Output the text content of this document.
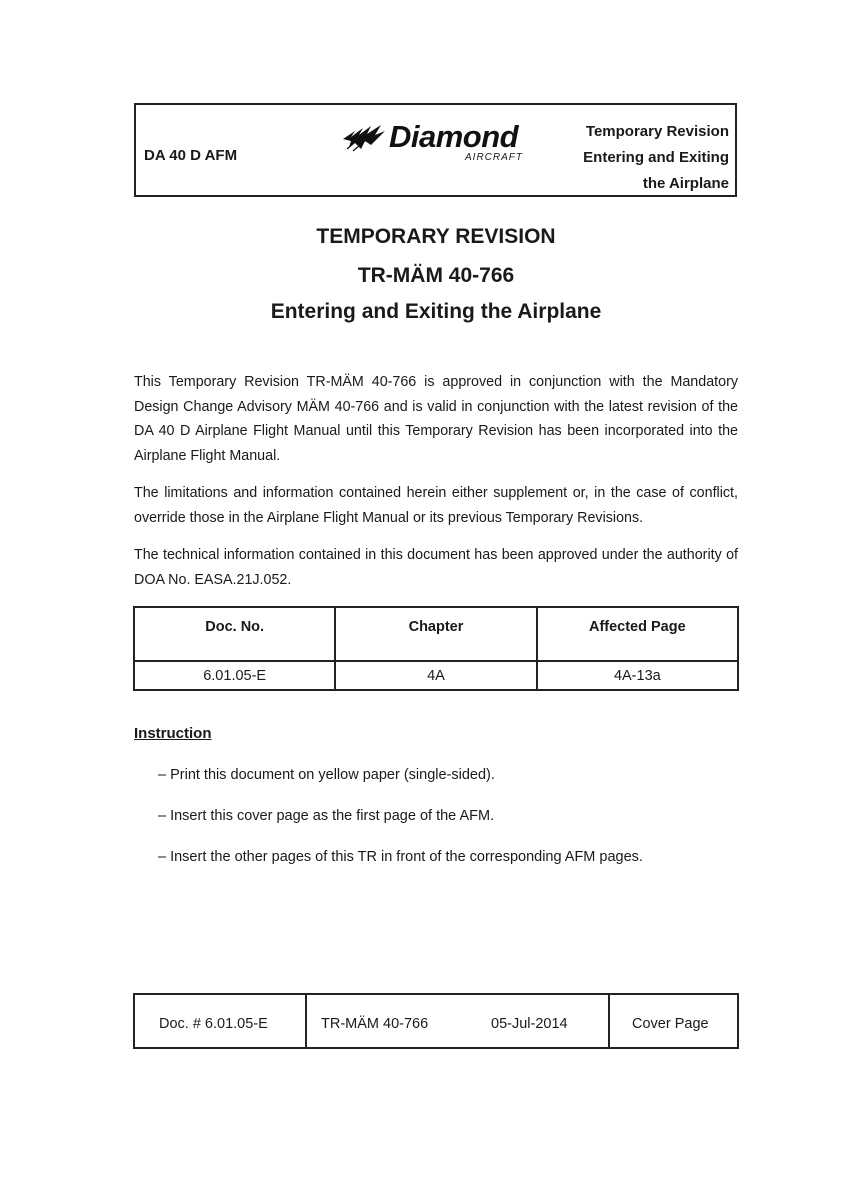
DA 40 D AFM
Diamond
AIRCRAFT
Temporary Revision
Entering and Exiting
the Airplane
TEMPORARY REVISION
TR-MÄM 40-766
Entering and Exiting the Airplane
This Temporary Revision TR-MÄM 40-766 is approved in conjunction with the Mandatory Design Change Advisory MÄM 40-766 and is valid in conjunction with the latest revision of the DA 40 D Airplane Flight Manual until this Temporary Revision has been incorporated into the Airplane Flight Manual.
The limitations and information contained herein either supplement or, in the case of conflict, override those in the Airplane Flight Manual or its previous Temporary Revisions.
The technical information contained in this document has been approved under the authority of DOA No. EASA.21J.052.
Doc. No.	Chapter	Affected Page
6.01.05-E	4A	4A-13a
Instruction
– Print this document on yellow paper (single-sided).
– Insert this cover page as the first page of the AFM.
– Insert the other pages of this TR in front of the corresponding AFM pages.
Doc. # 6.01.05-E	TR-MÄM 40-766	05-Jul-2014	Cover Page
